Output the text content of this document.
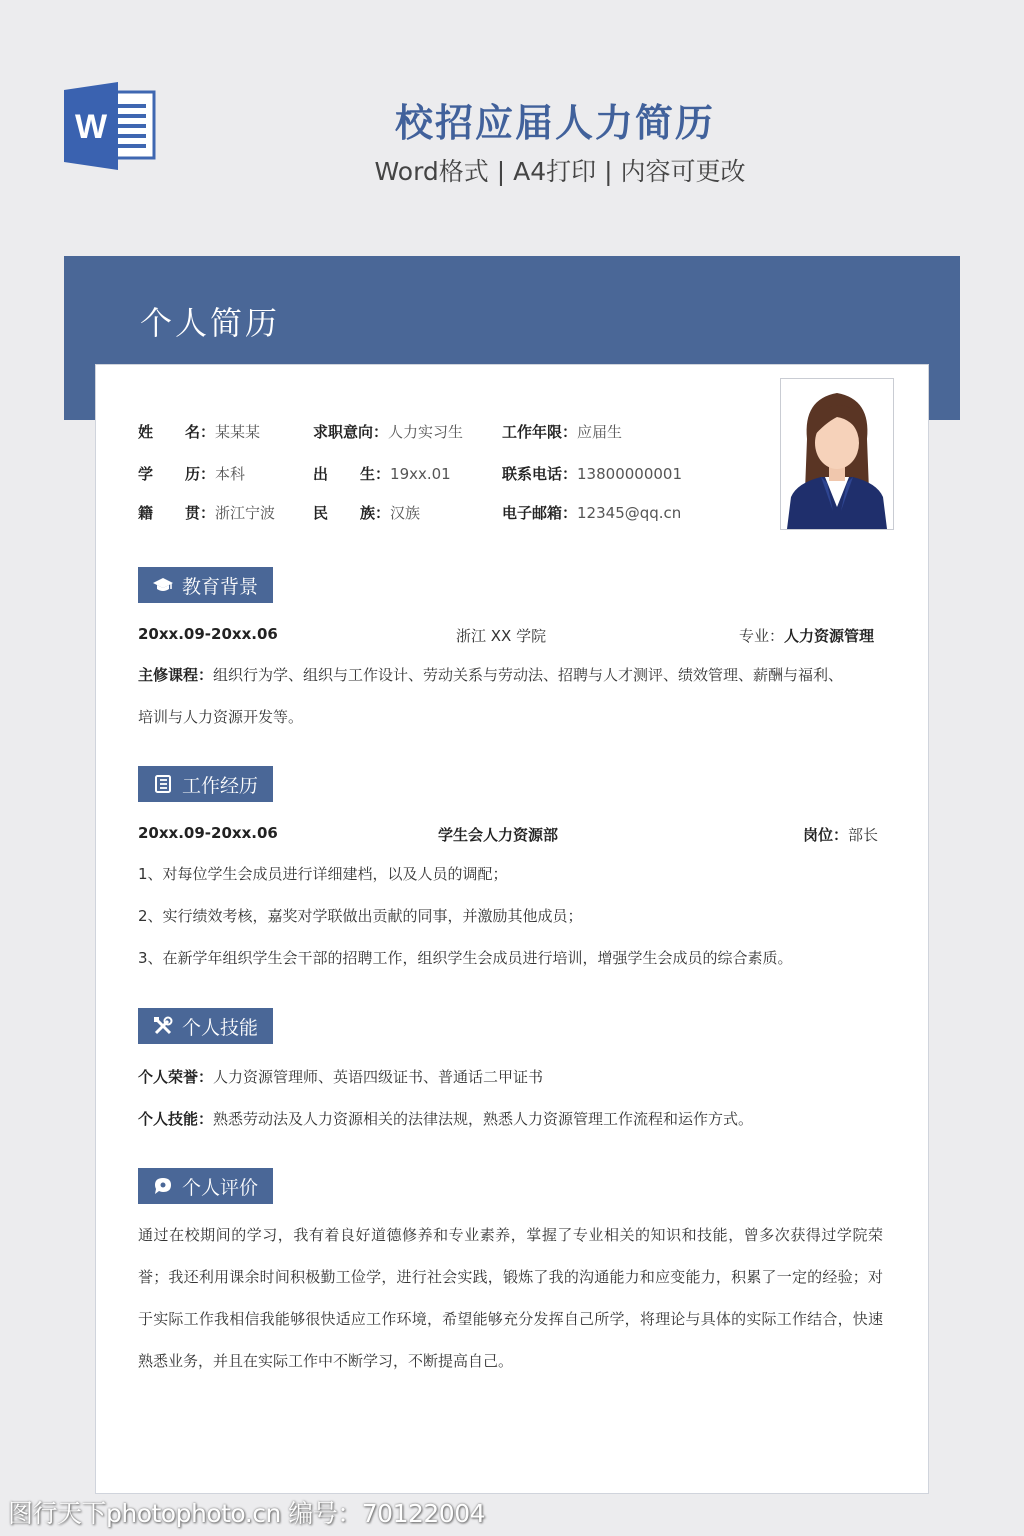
W	校招应届人力简历
Word格式 | A4打印 | 内容可更改
个人简历
姓 名：某某某	求职意向：人力实习生	工作年限：应届生
学 历：本科	出 生：19xx.01	联系电话：13800000001
籍 贯：浙江宁波	民 族：汉族	电子邮箱：12345@qq.cn
教育背景
20xx.09-20xx.06	浙江 XX 学院	专业：人力资源管理
主修课程：组织行为学、组织与工作设计、劳动关系与劳动法、招聘与人才测评、绩效管理、薪酬与福利、
培训与人力资源开发等。
工作经历
20xx.09-20xx.06	学生会人力资源部	岗位：部长
1、对每位学生会成员进行详细建档，以及人员的调配；
2、实行绩效考核，嘉奖对学联做出贡献的同事，并激励其他成员；
3、在新学年组织学生会干部的招聘工作，组织学生会成员进行培训，增强学生会成员的综合素质。
个人技能
个人荣誉：人力资源管理师、英语四级证书、普通话二甲证书
个人技能：熟悉劳动法及人力资源相关的法律法规，熟悉人力资源管理工作流程和运作方式。
个人评价
通过在校期间的学习，我有着良好道德修养和专业素养，掌握了专业相关的知识和技能，曾多次获得过学院荣誉；我还利用课余时间积极勤工俭学，进行社会实践，锻炼了我的沟通能力和应变能力，积累了一定的经验；对于实际工作我相信我能够很快适应工作环境，希望能够充分发挥自己所学，将理论与具体的实际工作结合，快速熟悉业务，并且在实际工作中不断学习，不断提高自己。
图行天下photophoto.cn 编号：70122004
